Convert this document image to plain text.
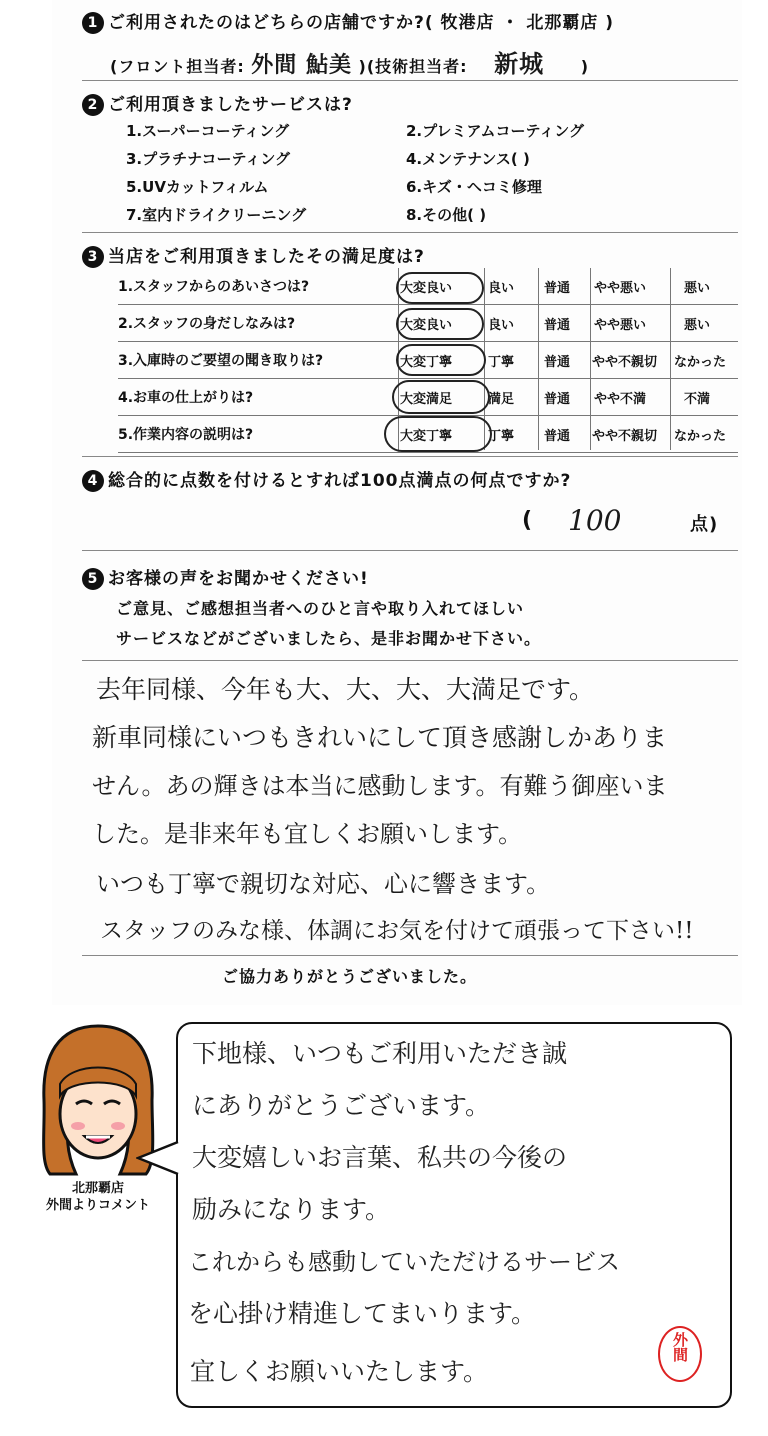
1 ご利用されたのはどちらの店舗ですか?( 牧港店 ・ 北那覇店 )
(フロント担当者: 外間 鮎美 )(技術担当者: 新城 )
2 ご利用頂きましたサービスは?
1.スーパーコーティング	2.プレミアムコーティング
3.プラチナコーティング	4.メンテナンス( )
5.UVカットフィルム	6.キズ・ヘコミ修理
7.室内ドライクリーニング	8.その他( )
3 当店をご利用頂きましたその満足度は?
1.スタッフからのあいさつは?	大変良い	良い 普通 やや悪い	悪い
2.スタッフの身だしなみは?	大変良い	良い 普通 やや悪い	悪い
3.入庫時のご要望の聞き取りは?	大変丁寧	丁寧 普通 やや不親切 なかった
4.お車の仕上がりは?	大変満足	満足 普通 やや不満	不満
5.作業内容の説明は?	大変丁寧	丁寧 普通 やや不親切 なかった
4 総合的に点数を付けるとすれば100点満点の何点ですか?
( 100	点)
5 お客様の声をお聞かせください!
ご意見、ご感想担当者へのひと言や取り入れてほしい
サービスなどがございましたら、是非お聞かせ下さい。
去年同様、今年も大、大、大、大満足です。
新車同様にいつもきれいにして頂き感謝しかありま
せん。あの輝きは本当に感動します。有難う御座いま
した。是非来年も宜しくお願いします。
いつも丁寧で親切な対応、心に響きます。
スタッフのみな様、体調にお気を付けて頑張って下さい!!
ご協力ありがとうございました。
北那覇店
外間よりコメント
下地様、いつもご利用いただき誠
にありがとうございます。
大変嬉しいお言葉、私共の今後の
励みになります。
これからも感動していただけるサービス
を心掛け精進してまいります。
宜しくお願いいたします。
外間
